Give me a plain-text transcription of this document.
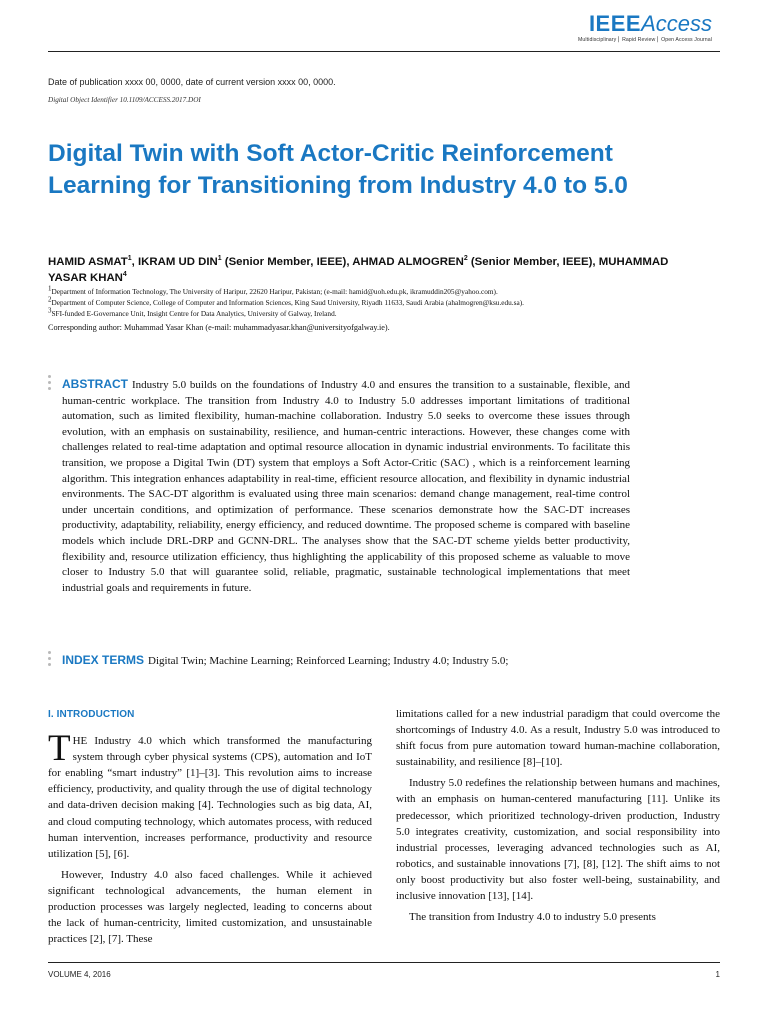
IEEEAccess
Multidisciplinary ⎜ Rapid Review ⎜ Open Access Journal
Date of publication xxxx 00, 0000, date of current version xxxx 00, 0000.
Digital Object Identifier 10.1109/ACCESS.2017.DOI
Digital Twin with Soft Actor-Critic Reinforcement Learning for Transitioning from Industry 4.0 to 5.0

HAMID ASMAT$^1$, IKRAM UD DIN$^1$ (Senior Member, IEEE), AHMAD ALMOGREN$^2$ (Senior Member, IEEE), MUHAMMAD YASAR KHAN$^4$

$^1$Department of Information Technology, The University of Haripur, 22620 Haripur, Pakistan; (e-mail: hamid@uoh.edu.pk, ikramuddin205@yahoo.com).
$^2$Department of Computer Science, College of Computer and Information Sciences, King Saud University, Riyadh 11633, Saudi Arabia (ahalmogren@ksu.edu.sa).
$^3$SFI-funded E-Governance Unit, Insight Centre for Data Analytics, University of Galway, Ireland.
Corresponding author: Muhammad Yasar Khan (e-mail: muhammadyasar.khan@universityofgalway.ie).

ABSTRACT Industry 5.0 builds on the foundations of Industry 4.0 and ensures the transition to a sustainable, flexible, and human-centric workplace. The transition from Industry 4.0 to Industry 5.0 addresses important limitations of traditional automation, such as limited flexibility, human-machine collaboration. Industry 5.0 seeks to overcome these issues through evolution, with an emphasis on sustainability, resilience, and human-centric interactions. However, these changes come with challenges related to real-time adaptation and optimal resource allocation in dynamic industrial environments. To facilitate this transition, we propose a Digital Twin (DT) system that employs a Soft Actor-Critic (SAC) , which is a reinforcement learning algorithm. This integration enhances adaptability in real-time, efficient resource allocation, and flexibility in dynamic industrial environments. The SAC-DT algorithm is evaluated using three main scenarios: demand change management, real-time control under uncertain conditions, and optimization of performance. These scenarios demonstrate how the SAC-DT increases productivity, adaptability, reliability, energy efficiency, and reduced downtime. The proposed scheme is compared with baseline models which include DRL-DRP and GCNN-DRL. The analyses show that the SAC-DT scheme yields better productivity, flexibility and, resource utilization efficiency, thus highlighting the applicability of this proposed scheme as valuable to move closer to Industry 5.0 that will guarantee solid, reliable, pragmatic, sustainable technological implementations that meet industrial goals and requirements in future.

INDEX TERMS Digital Twin; Machine Learning; Reinforced Learning; Industry 4.0; Industry 5.0;

I. INTRODUCTION

THE Industry 4.0 which which transformed the manufacturing system through cyber physical systems (CPS), automation and IoT for enabling “smart industry” [1]–[3]. This revolution aims to increase efficiency, productivity, and quality through the use of digital technology and data-driven decision making [4]. Technologies such as big data, AI, and cloud computing technology, which automates process, with reduced human intervention, increases performance, productivity and resource utilization [5], [6].

However, Industry 4.0 also faced challenges. While it achieved significant technological advancements, the human element in production processes was largely neglected, leading to concerns about the lack of human-centricity, limited customization, and unsustainable practices [2], [7]. These

limitations called for a new industrial paradigm that could overcome the shortcomings of Industry 4.0. As a result, Industry 5.0 was introduced to shift focus from pure automation toward human-machine collaboration, sustainability, and resilience [8]–[10].

Industry 5.0 redefines the relationship between humans and machines, with an emphasis on human-centered manufacturing [11]. Unlike its predecessor, which prioritized technology-driven production, Industry 5.0 integrates creativity, customization, and social responsibility into industrial processes, leveraging advanced technologies such as AI, robotics, and sustainable innovations [7], [8], [12]. The shift aims to not only boost productivity but also foster well-being, sustainability, and inclusive innovation [13], [14].

The transition from Industry 4.0 to industry 5.0 presents

VOLUME 4, 2016	1
